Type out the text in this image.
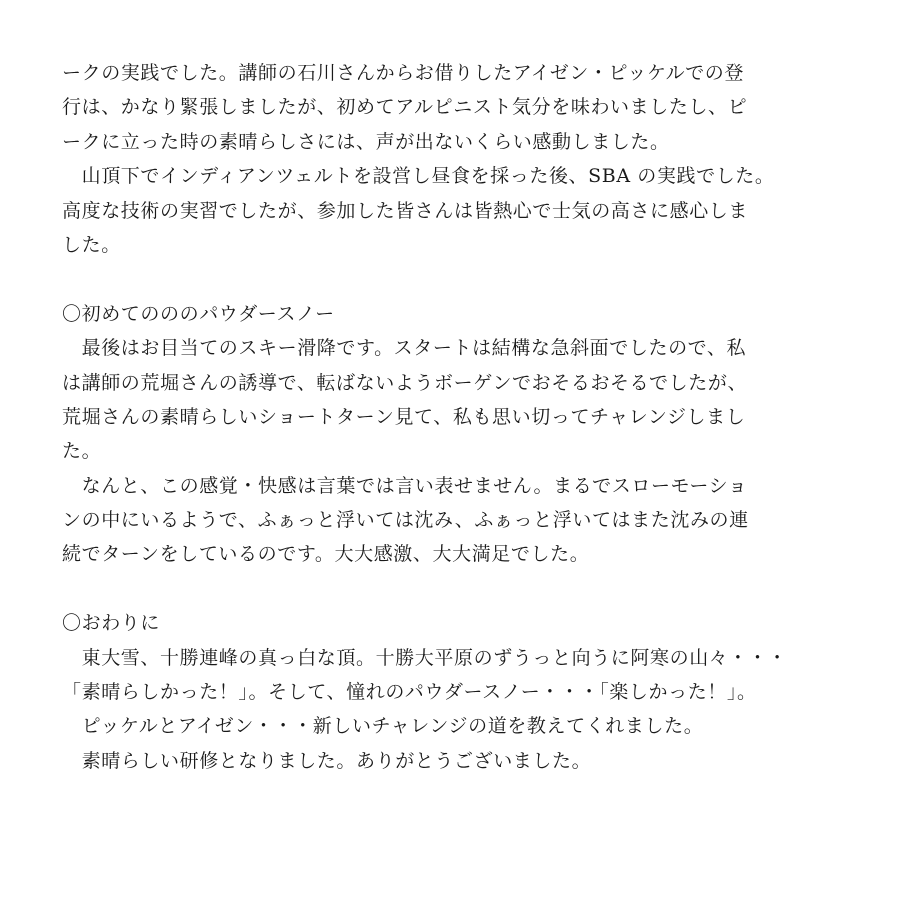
ークの実践でした。講師の石川さんからお借りしたアイゼン・ピッケルでの登
行は、かなり緊張しましたが、初めてアルピニスト気分を味わいましたし、ピ
ークに立った時の素晴らしさには、声が出ないくらい感動しました。
　山頂下でインディアンツェルトを設営し昼食を採った後、SBA の実践でした。
高度な技術の実習でしたが、参加した皆さんは皆熱心で士気の高さに感心しま
した。
〇初めてのののパウダースノー
　最後はお目当てのスキー滑降です。スタートは結構な急斜面でしたので、私
は講師の荒堀さんの誘導で、転ばないようボーゲンでおそるおそるでしたが、
荒堀さんの素晴らしいショートターン見て、私も思い切ってチャレンジしまし
た。
　なんと、この感覚・快感は言葉では言い表せません。まるでスローモーショ
ンの中にいるようで、ふぁっと浮いては沈み、ふぁっと浮いてはまた沈みの連
続でターンをしているのです。大大感激、大大満足でした。
〇おわりに
　東大雪、十勝連峰の真っ白な頂。十勝大平原のずうっと向うに阿寒の山々・・・
「素晴らしかった！」。そして、憧れのパウダースノー・・・「楽しかった！」。
　ピッケルとアイゼン・・・新しいチャレンジの道を教えてくれました。
　素晴らしい研修となりました。ありがとうございました。
